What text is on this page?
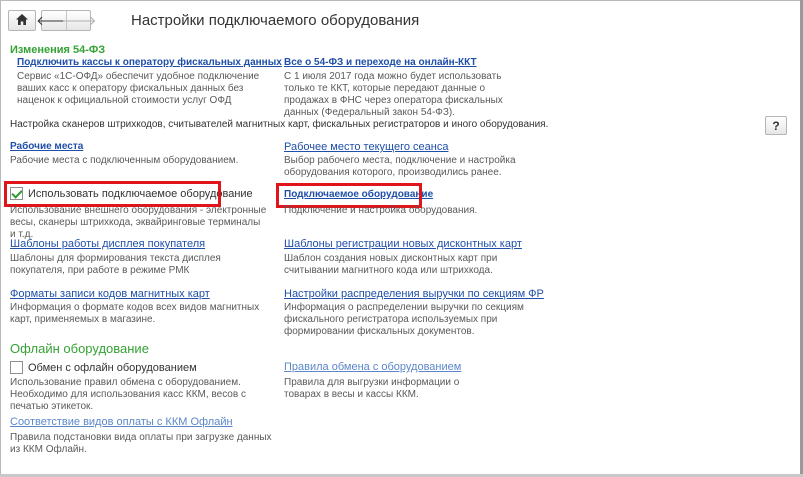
🡐
🡒 Настройки подключаемого оборудования
Изменения 54-ФЗ
Подключить кассы к оператору фискальных данных
Сервис «1С-ОФД» обеспечит удобное подключение ваших касс к оператору фискальных данных без наценок к официальной стоимости услуг ОФД
Все о 54-ФЗ и переходе на онлайн-ККТ
С 1 июля 2017 года можно будет использовать только те ККТ, которые передают данные о продажах в ФНС через оператора фискальных данных (Федеральный закон 54-ФЗ).
Настройка сканеров штрихкодов, считывателей магнитных карт, фискальных регистраторов и иного оборудования.	?
Рабочие места
Рабочие места с подключенным оборудованием.
Использовать подключаемое оборудование
Использование внешнего оборудования - электронные весы, сканеры штрихкода, эквайринговые терминалы и т.д.
Шаблоны работы дисплея покупателя
Шаблоны для формирования текста дисплея покупателя, при работе в режиме РМК
Форматы записи кодов магнитных карт
Информация о формате кодов всех видов магнитных карт, применяемых в магазине.
Рабочее место текущего сеанса
Выбор рабочего места, подключение и настройка оборудования которого, производились ранее.
Подключаемое оборудование
Подключение и настройка оборудования.
Шаблоны регистрации новых дисконтных карт
Шаблон создания новых дисконтных карт при считывании магнитного кода или штрихкода.
Настройки распределения выручки по секциям ФР
Информация о распределении выручки по секциям фискального регистратора используемых при формировании фискальных документов.
Офлайн оборудование
Обмен с офлайн оборудованием
Использование правил обмена с оборудованием. Необходимо для использования касс ККМ, весов с печатью этикеток.
Правила обмена с оборудованием
Правила для выгрузки информации о товарах в весы и кассы ККМ.
Соответствие видов оплаты с ККМ Офлайн
Правила подстановки вида оплаты при загрузке данных из ККМ Офлайн.
